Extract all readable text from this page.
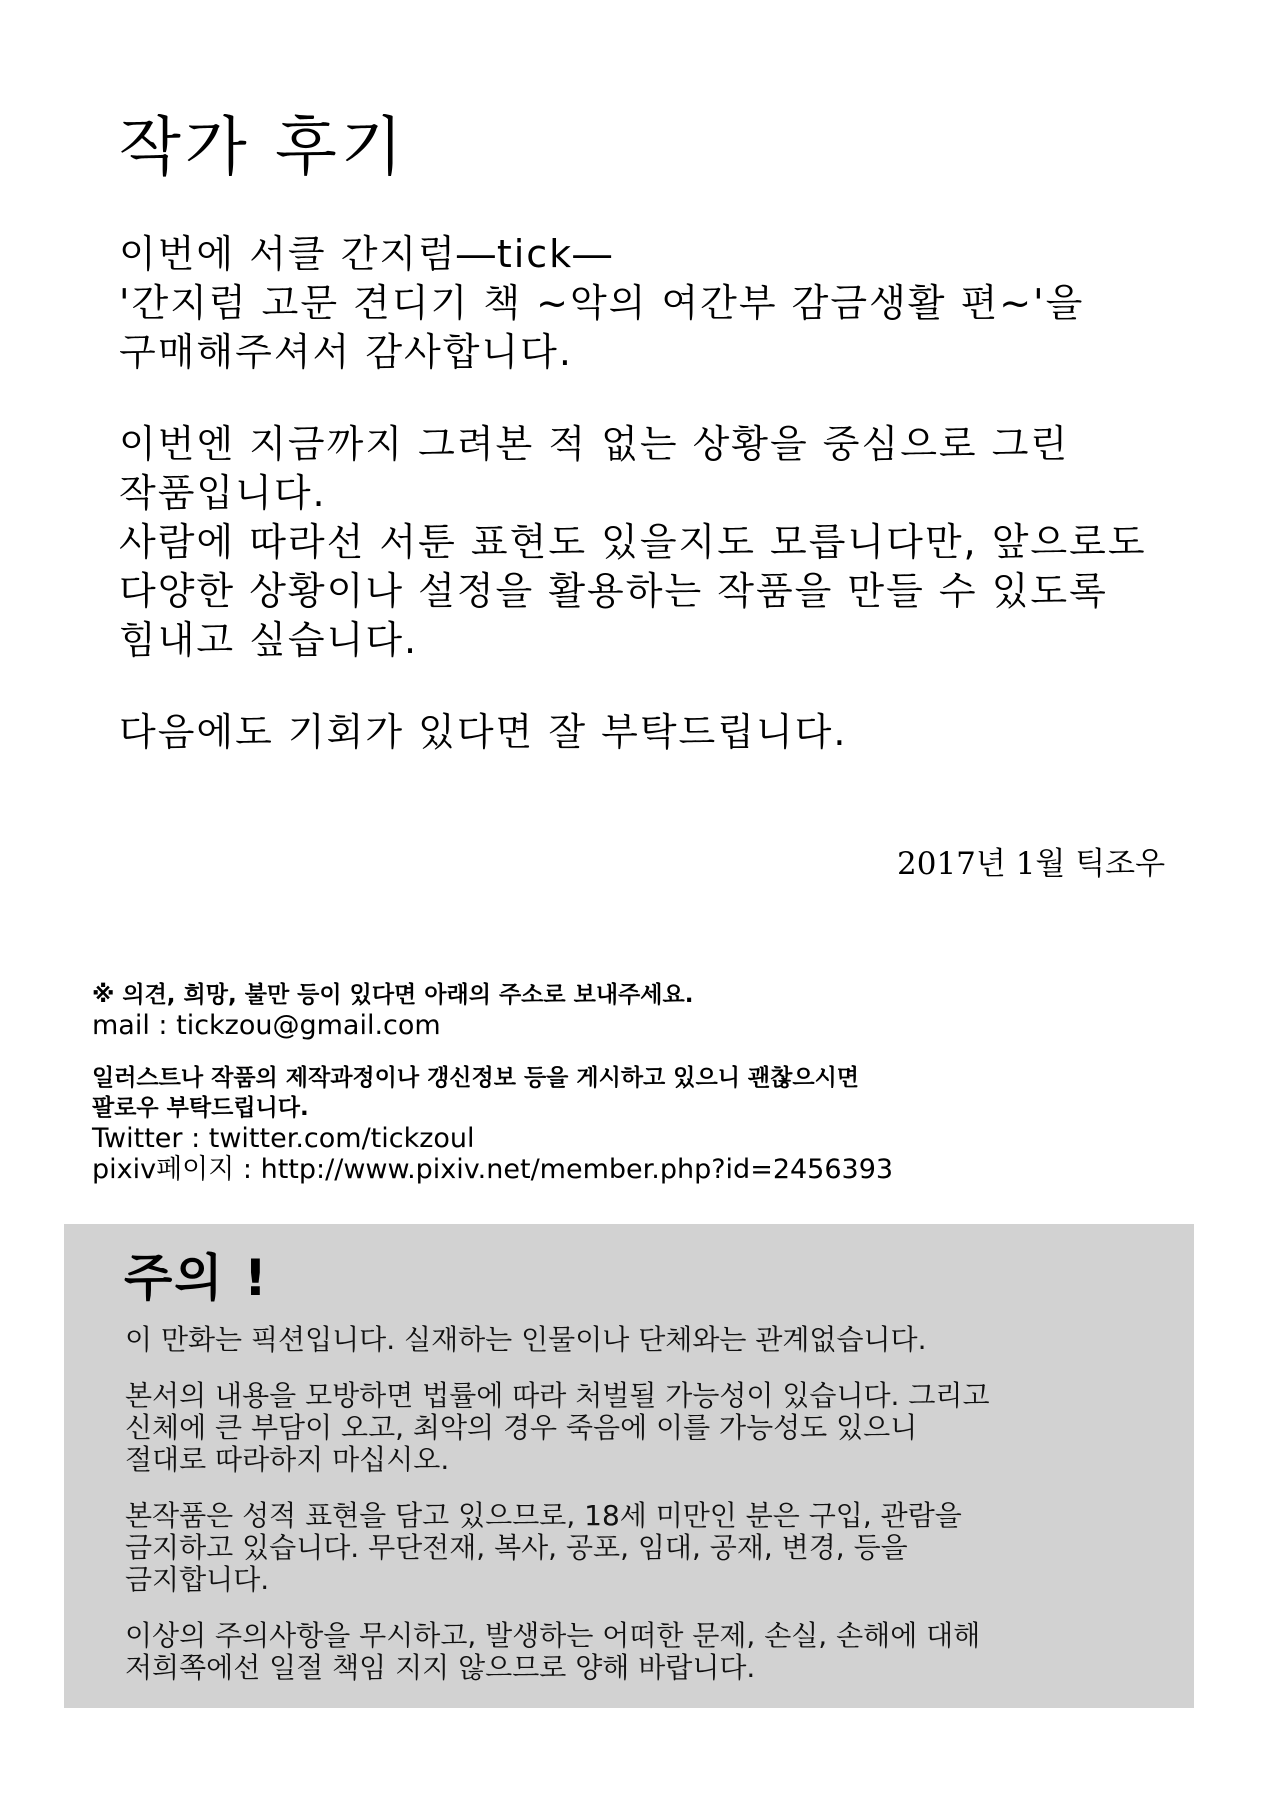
작가 후기
이번에 서클 간지럼―tick―
'간지럼 고문 견디기 책 ~악의 여간부 감금생활 편~'을
구매해주셔서 감사합니다.
이번엔 지금까지 그려본 적 없는 상황을 중심으로 그린
작품입니다.
사람에 따라선 서툰 표현도 있을지도 모릅니다만, 앞으로도
다양한 상황이나 설정을 활용하는 작품을 만들 수 있도록
힘내고 싶습니다.
다음에도 기회가 있다면 잘 부탁드립니다.
2017년 1월 틱조우
※ 의견, 희망, 불만 등이 있다면 아래의 주소로 보내주세요.
mail : tickzou@gmail.com
일러스트나 작품의 제작과정이나 갱신정보 등을 게시하고 있으니 괜찮으시면
팔로우 부탁드립니다.
Twitter : twitter.com/tickzoul
pixiv페이지 : http://www.pixiv.net/member.php?id=2456393
주의 !
이 만화는 픽션입니다. 실재하는 인물이나 단체와는 관계없습니다.
본서의 내용을 모방하면 법률에 따라 처벌될 가능성이 있습니다. 그리고
신체에 큰 부담이 오고, 최악의 경우 죽음에 이를 가능성도 있으니
절대로 따라하지 마십시오.
본작품은 성적 표현을 담고 있으므로, 18세 미만인 분은 구입, 관람을
금지하고 있습니다. 무단전재, 복사, 공포, 임대, 공재, 변경, 등을
금지합니다.
이상의 주의사항을 무시하고, 발생하는 어떠한 문제, 손실, 손해에 대해
저희쪽에선 일절 책임 지지 않으므로 양해 바랍니다.
